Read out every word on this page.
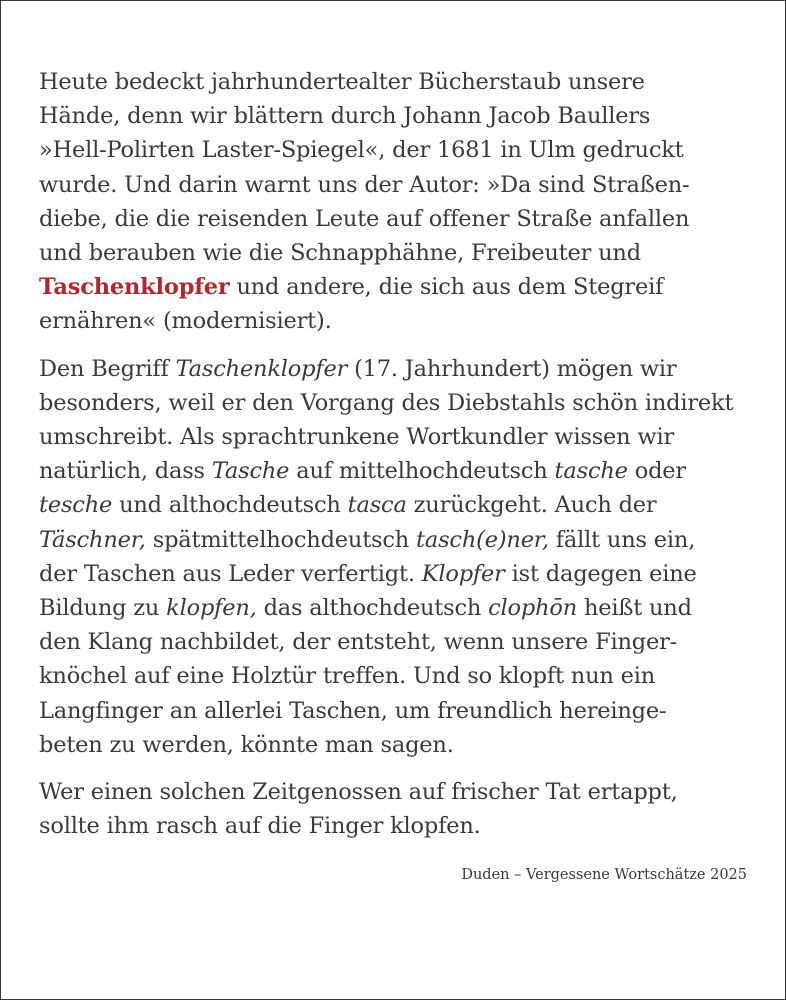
Heute bedeckt jahrhundertealter Bücherstaub unsere

Hände, denn wir blättern durch Johann Jacob Baullers

»Hell-Polirten Laster-Spiegel«, der 1681 in Ulm gedruckt

wurde. Und darin warnt uns der Autor: »Da sind Straßen-

diebe, die die reisenden Leute auf offener Straße anfallen

und berauben wie die Schnapphähne, Freibeuter und

Taschenklopfer und andere, die sich aus dem Stegreif

ernähren« (modernisiert).

Den Begriff Taschenklopfer (17. Jahrhundert) mögen wir

besonders, weil er den Vorgang des Diebstahls schön indirekt

umschreibt. Als sprachtrunkene Wortkundler wissen wir

natürlich, dass Tasche auf mittelhochdeutsch tasche oder

tesche und althochdeutsch tasca zurückgeht. Auch der

Täschner, spätmittelhochdeutsch tasch(e)ner, fällt uns ein,

der Taschen aus Leder verfertigt. Klopfer ist dagegen eine

Bildung zu klopfen, das althochdeutsch clophōn heißt und

den Klang nachbildet, der entsteht, wenn unsere Finger-

knöchel auf eine Holztür treffen. Und so klopft nun ein

Langfinger an allerlei Taschen, um freundlich hereinge-

beten zu werden, könnte man sagen.

Wer einen solchen Zeitgenossen auf frischer Tat ertappt,

sollte ihm rasch auf die Finger klopfen.

Duden – Vergessene Wortschätze 2025
